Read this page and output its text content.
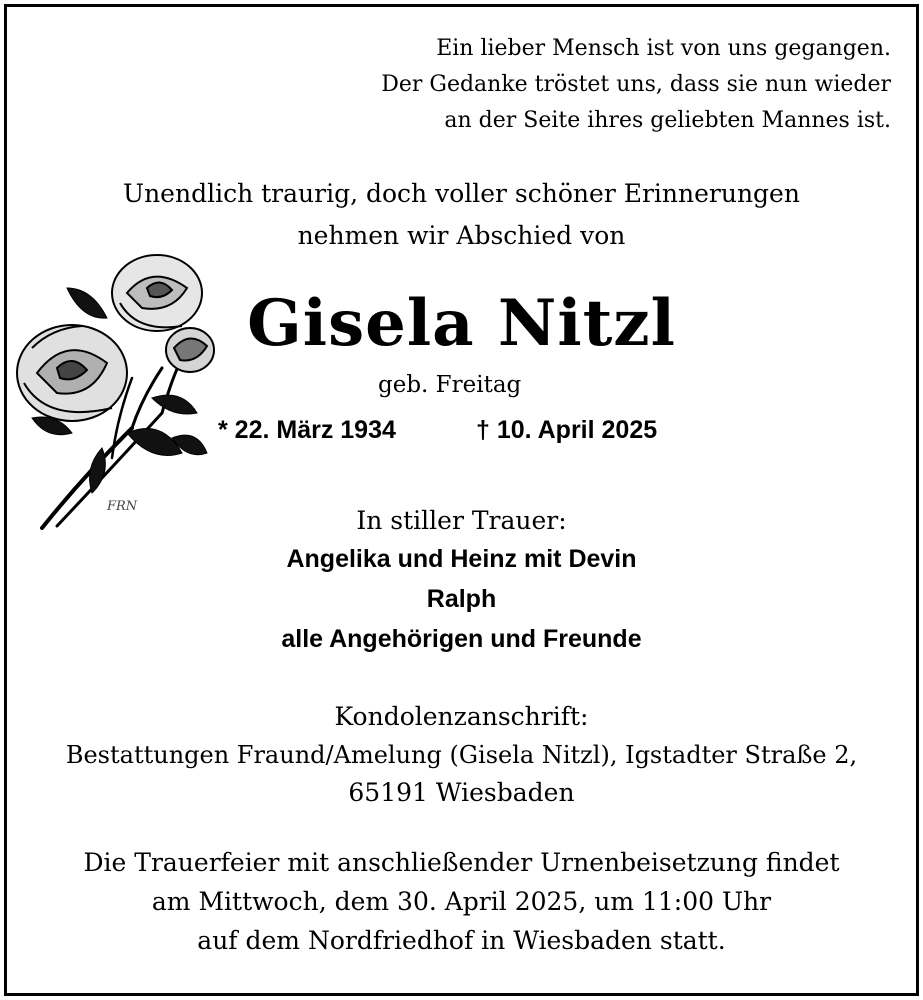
Ein lieber Mensch ist von uns gegangen.
Der Gedanke tröstet uns, dass sie nun wieder
an der Seite ihres geliebten Mannes ist.
Unendlich traurig, doch voller schöner Erinnerungen
nehmen wir Abschied von
FRN
Gisela Nitzl
geb. Freitag
* 22. März 1934	† 10. April 2025
In stiller Trauer:
Angelika und Heinz mit Devin
Ralph
alle Angehörigen und Freunde
Kondolenzanschrift:
Bestattungen Fraund/Amelung (Gisela Nitzl), Igstadter Straße 2,
65191 Wiesbaden
Die Trauerfeier mit anschließender Urnenbeisetzung findet
am Mittwoch, dem 30. April 2025, um 11:00 Uhr
auf dem Nordfriedhof in Wiesbaden statt.
